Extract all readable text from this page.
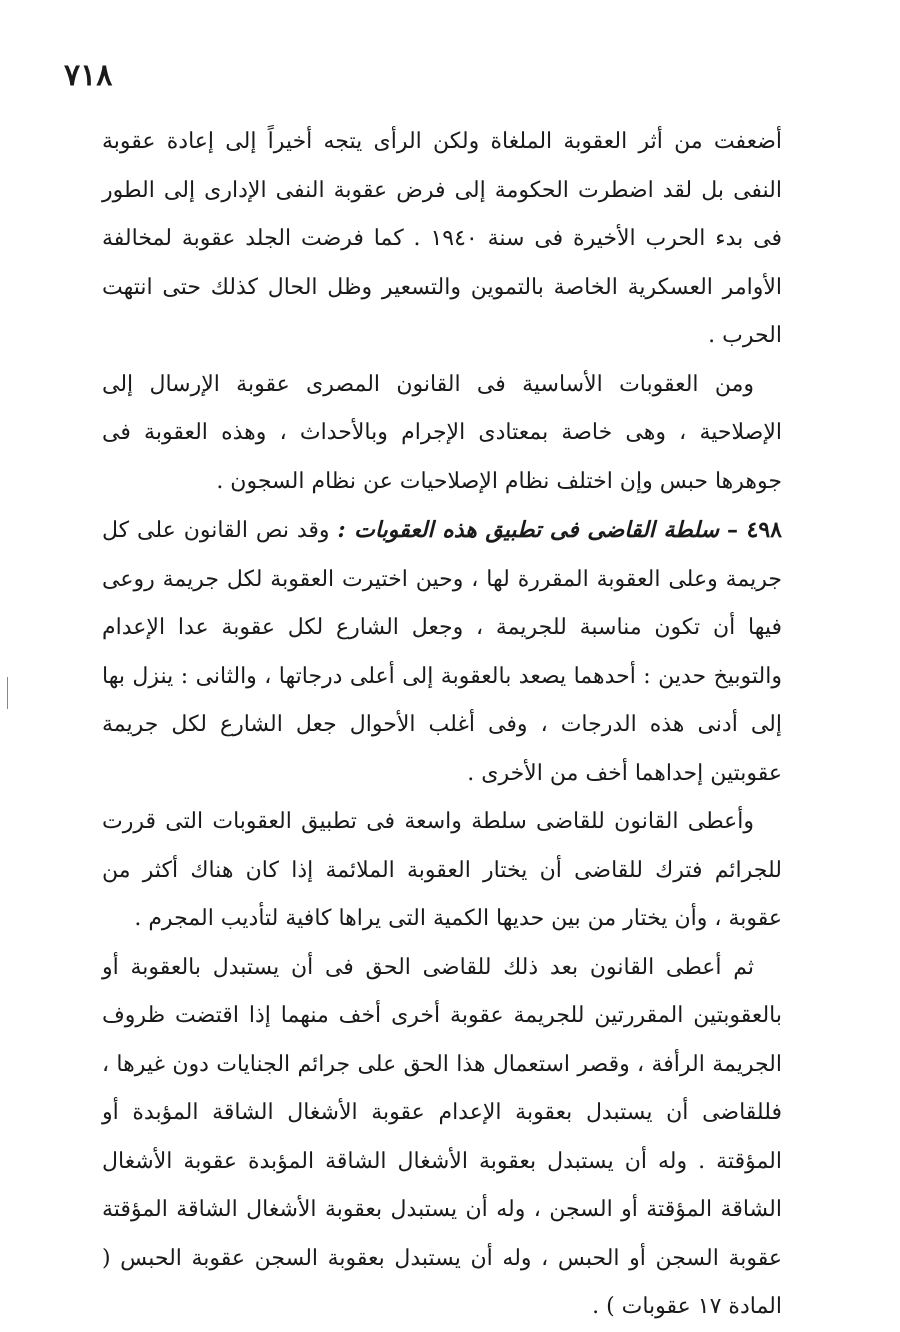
٧١٨

أضعفت من أثر العقوبة الملغاة ولكن الرأى يتجه أخيراً إلى إعادة عقوبة النفى بل لقد اضطرت الحكومة إلى فرض عقوبة النفى الإدارى إلى الطور فى بدء الحرب الأخيرة فى سنة ١٩٤٠ . كما فرضت الجلد عقوبة لمخالفة الأوامر العسكرية الخاصة بالتموين والتسعير وظل الحال كذلك حتى انتهت الحرب .

ومن العقوبات الأساسية فى القانون المصرى عقوبة الإرسال إلى الإصلاحية ، وهى خاصة بمعتادى الإجرام وبالأحداث ، وهذه العقوبة فى جوهرها حبس وإن اختلف نظام الإصلاحيات عن نظام السجون .

٤٩٨ – سلطة القاضى فى تطبيق هذه العقوبات : وقد نص القانون على كل جريمة وعلى العقوبة المقررة لها ، وحين اختيرت العقوبة لكل جريمة روعى فيها أن تكون مناسبة للجريمة ، وجعل الشارع لكل عقوبة عدا الإعدام والتوبيخ حدين : أحدهما يصعد بالعقوبة إلى أعلى درجاتها ، والثانى : ينزل بها إلى أدنى هذه الدرجات ، وفى أغلب الأحوال جعل الشارع لكل جريمة عقوبتين إحداهما أخف من الأخرى .

وأعطى القانون للقاضى سلطة واسعة فى تطبيق العقوبات التى قررت للجرائم فترك للقاضى أن يختار العقوبة الملائمة إذا كان هناك أكثر من عقوبة ، وأن يختار من بين حديها الكمية التى يراها كافية لتأديب المجرم .

ثم أعطى القانون بعد ذلك للقاضى الحق فى أن يستبدل بالعقوبة أو بالعقوبتين المقررتين للجريمة عقوبة أخرى أخف منهما إذا اقتضت ظروف الجريمة الرأفة ، وقصر استعمال هذا الحق على جرائم الجنايات دون غيرها ، فللقاضى أن يستبدل بعقوبة الإعدام عقوبة الأشغال الشاقة المؤبدة أو المؤقتة . وله أن يستبدل بعقوبة الأشغال الشاقة المؤبدة عقوبة الأشغال الشاقة المؤقتة أو السجن ، وله أن يستبدل بعقوبة الأشغال الشاقة المؤقتة عقوبة السجن أو الحبس ، وله أن يستبدل بعقوبة السجن عقوبة الحبس ( المادة ١٧ عقوبات ) .
